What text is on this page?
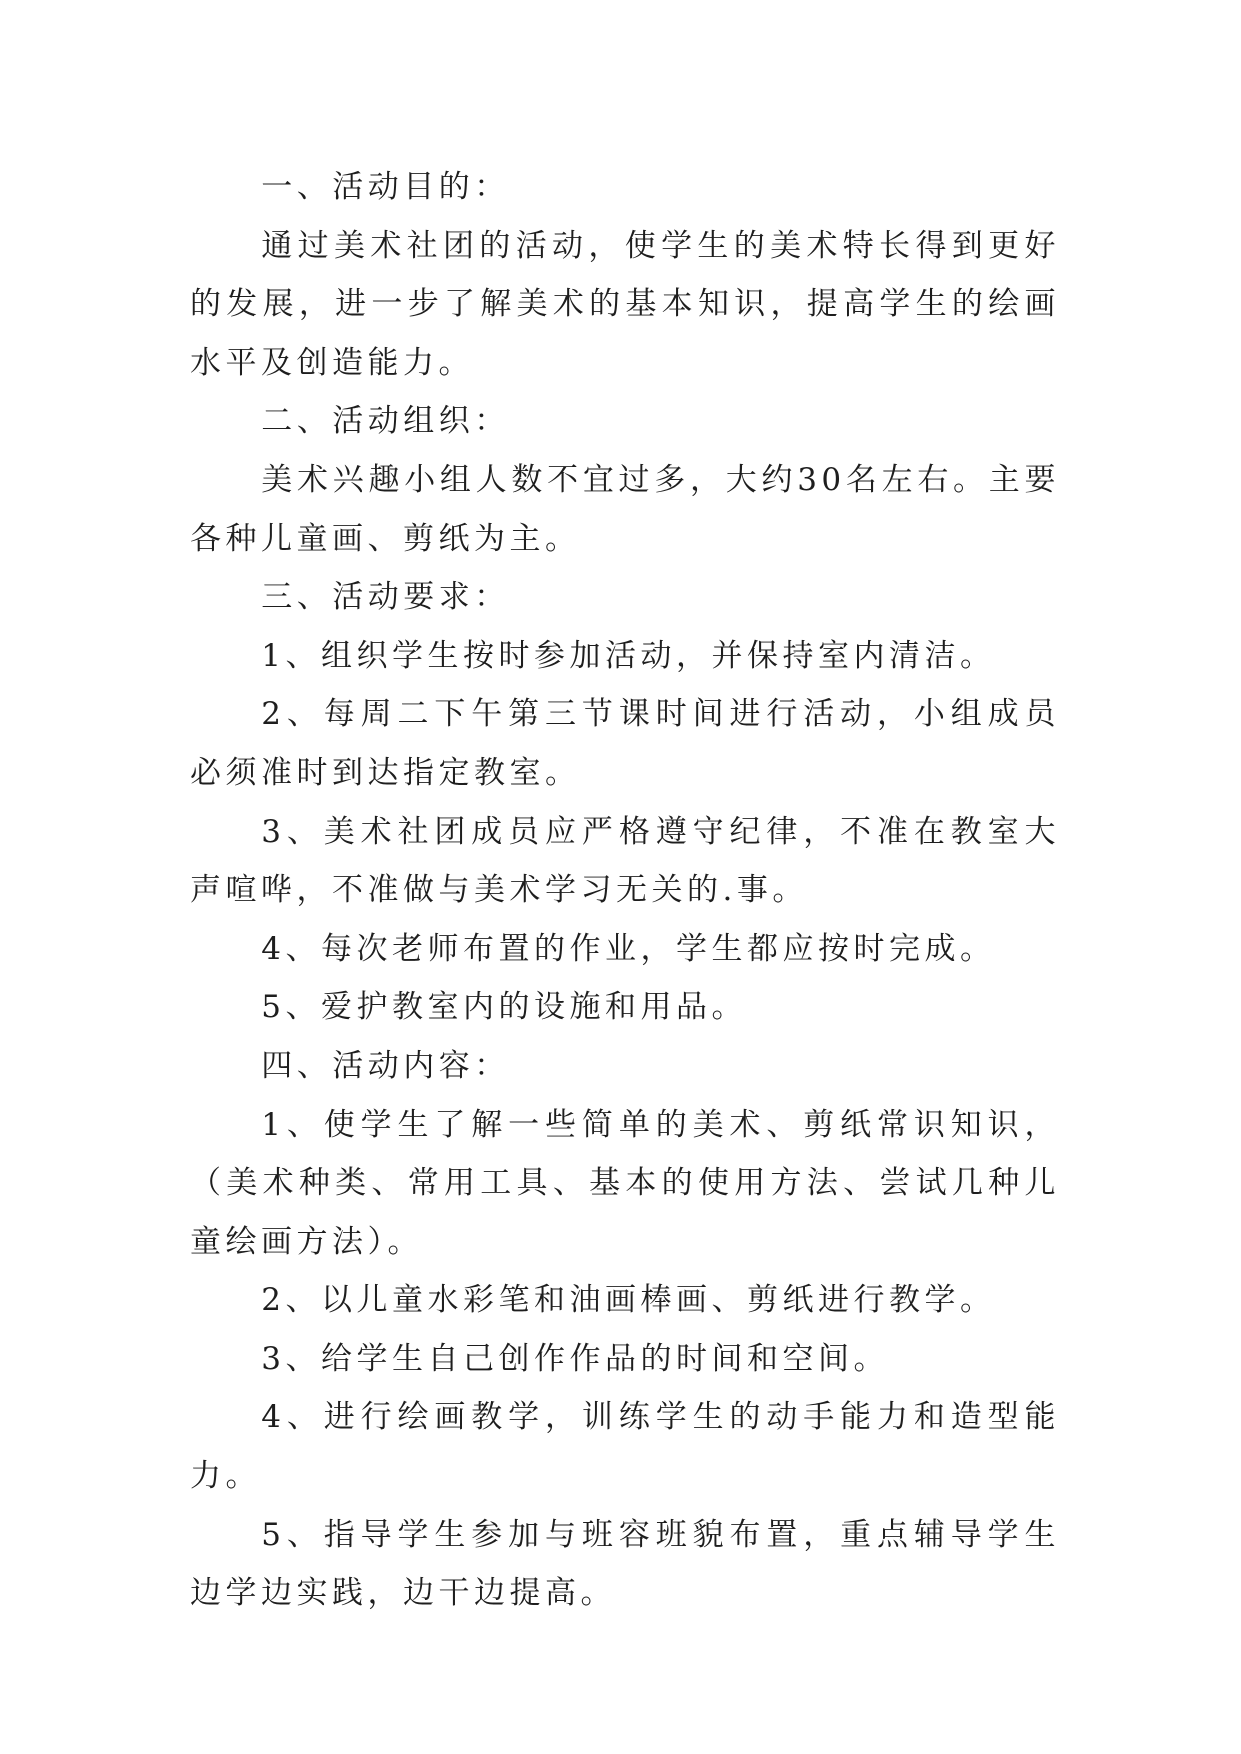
一、活动目的：

通过美术社团的活动，使学生的美术特长得到更好的发展，进一步了解美术的基本知识，提高学生的绘画水平及创造能力。

二、活动组织：

美术兴趣小组人数不宜过多，大约30名左右。主要各种儿童画、剪纸为主。

三、活动要求：

1、组织学生按时参加活动，并保持室内清洁。

2、每周二下午第三节课时间进行活动，小组成员必须准时到达指定教室。

3、美术社团成员应严格遵守纪律，不准在教室大声喧哗，不准做与美术学习无关的.事。

4、每次老师布置的作业，学生都应按时完成。

5、爱护教室内的设施和用品。

四、活动内容：

1、使学生了解一些简单的美术、剪纸常识知识，（美术种类、常用工具、基本的使用方法、尝试几种儿童绘画方法）。

2、以儿童水彩笔和油画棒画、剪纸进行教学。

3、给学生自己创作作品的时间和空间。

4、进行绘画教学，训练学生的动手能力和造型能力。

5、指导学生参加与班容班貌布置，重点辅导学生边学边实践，边干边提高。
